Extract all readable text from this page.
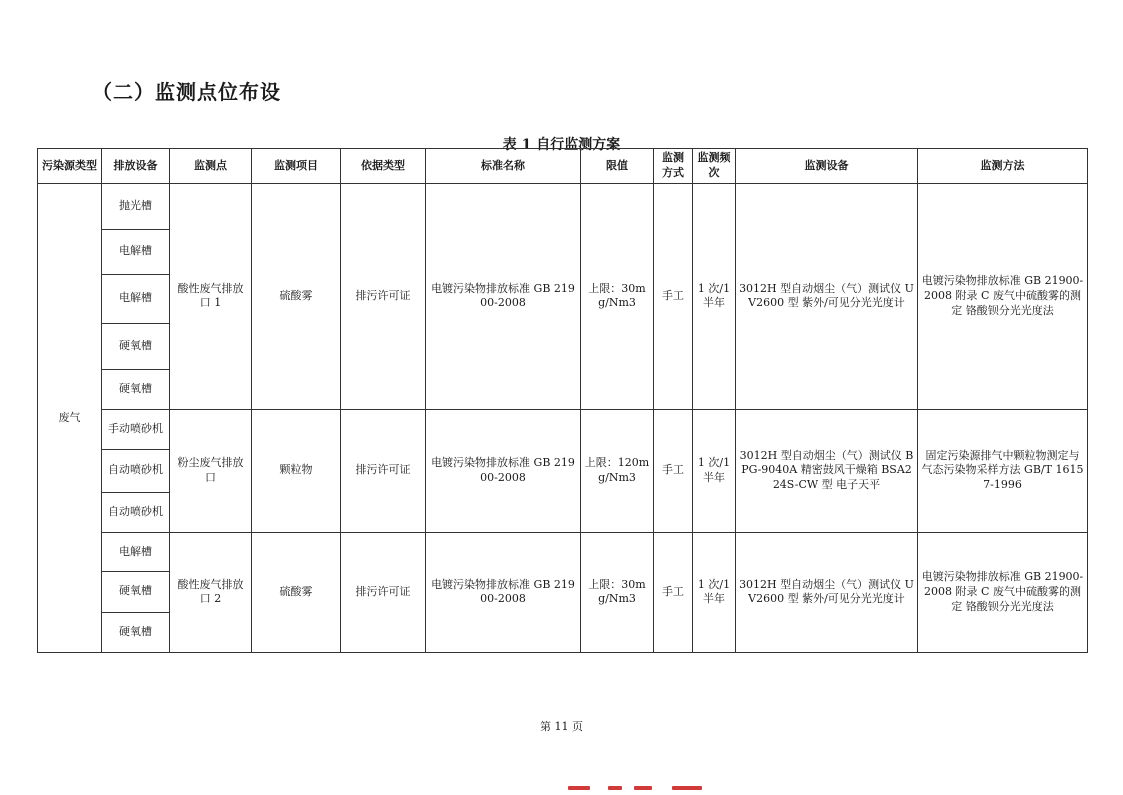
（二）监测点位布设
表 1 自行监测方案
污染源类型	排放设备	监测点	监测项目	依据类型	标准名称	限值	监测方式	监测频次	监测设备	监测方法
废气	抛光槽	酸性废气排放口 1	硫酸雾	排污许可证	电镀污染物排放标准 GB 21900-2008	上限：30mg/Nm3	手工	1 次/1 半年	3012H 型自动烟尘（气）测试仪 UV2600 型 紫外/可见分光光度计	电镀污染物排放标准 GB 21900-2008 附录 C 废气中硫酸雾的测定 铬酸钡分光光度法
	电解槽									
	电解槽									
	硬氧槽									
	硬氧槽									
	手动喷砂机	粉尘废气排放口	颗粒物	排污许可证	电镀污染物排放标准 GB 21900-2008	上限：120mg/Nm3	手工	1 次/1 半年	3012H 型自动烟尘（气）测试仪 BPG-9040A 精密鼓风干燥箱 BSA224S-CW 型 电子天平	固定污染源排气中颗粒物测定与气态污染物采样方法 GB/T 16157-1996
	自动喷砂机									
	自动喷砂机									
	电解槽	酸性废气排放口 2	硫酸雾	排污许可证	电镀污染物排放标准 GB 21900-2008	上限：30mg/Nm3	手工	1 次/1 半年	3012H 型自动烟尘（气）测试仪 UV2600 型 紫外/可见分光光度计	电镀污染物排放标准 GB 21900-2008 附录 C 废气中硫酸雾的测定 铬酸钡分光光度法
	硬氧槽									
	硬氧槽									
第 11 页
